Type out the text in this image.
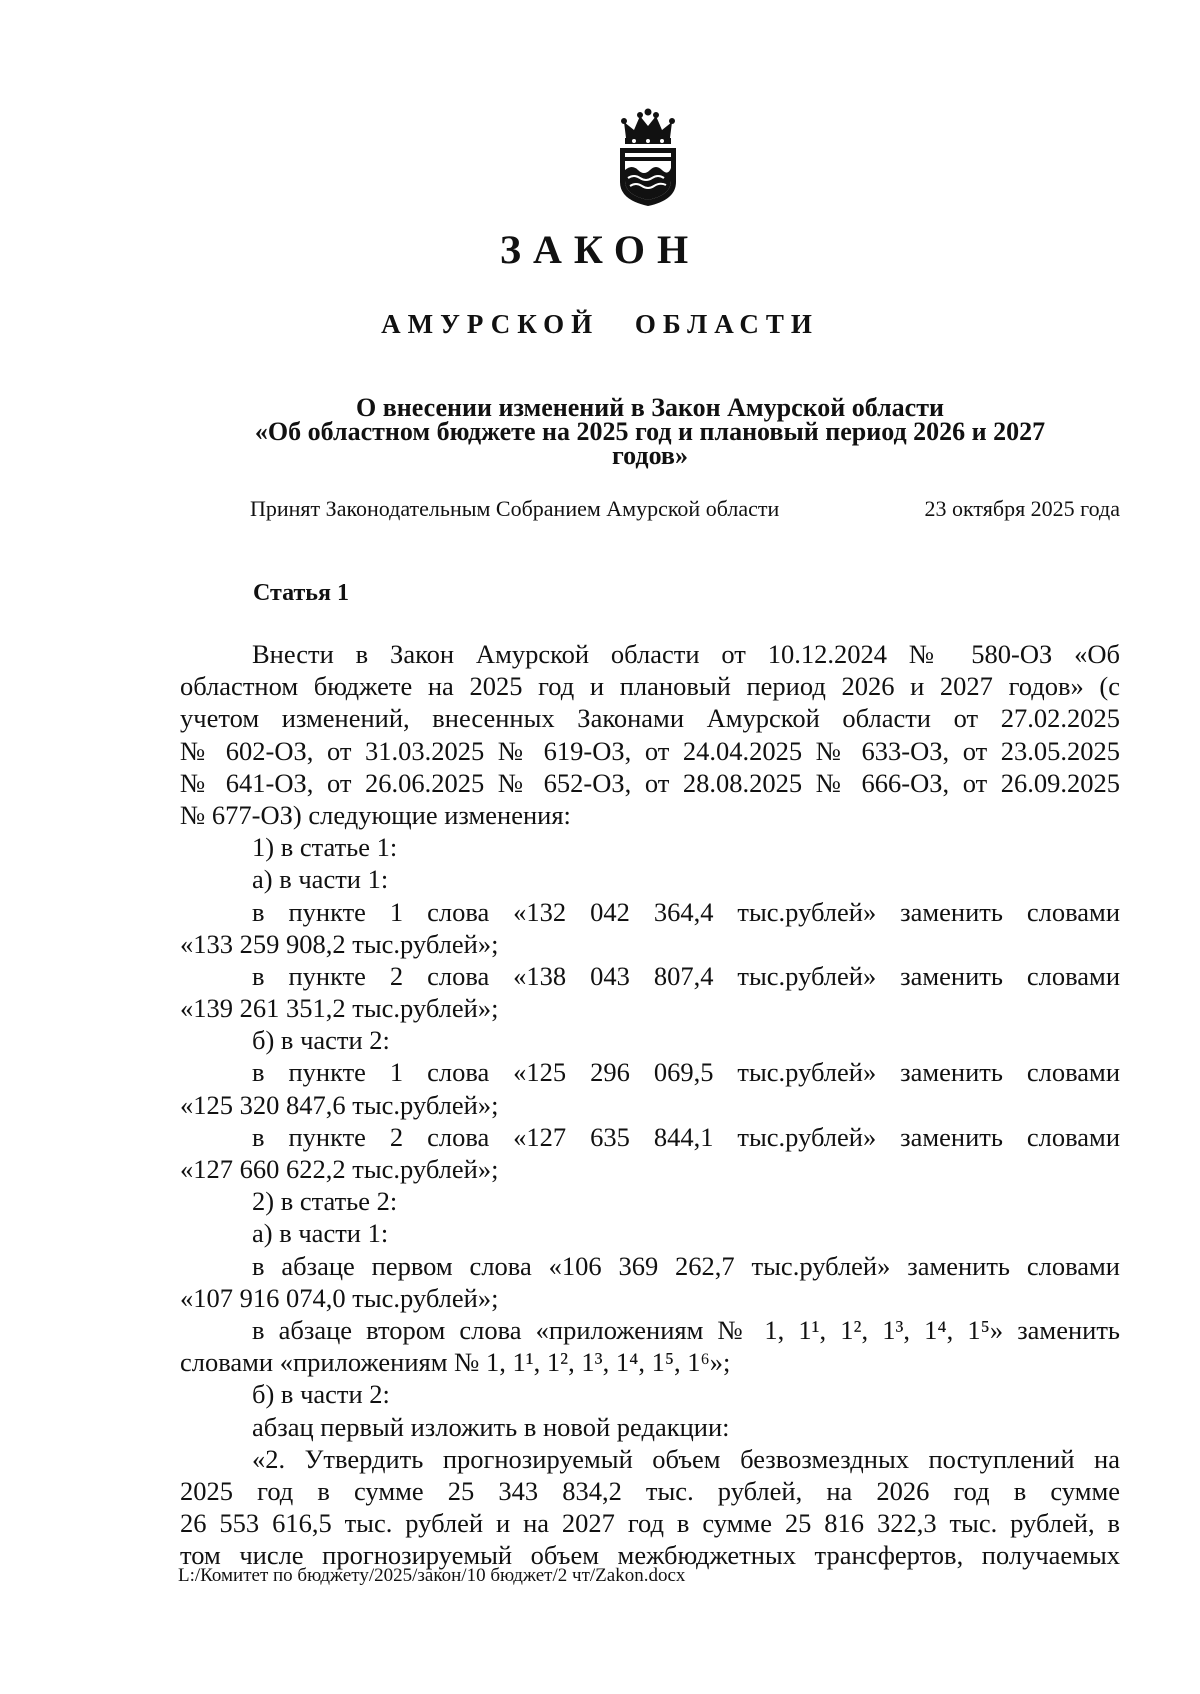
ЗАКОН
АМУРСКОЙ ОБЛАСТИ
О внесении изменений в Закон Амурской области
«Об областном бюджете на 2025 год и плановый период 2026 и 2027
годов»
Принят Законодательным Собранием Амурской области	23 октября 2025 года
Статья 1
Внести в Закон Амурской области от 10.12.2024 № 580-ОЗ «Об
областном бюджете на 2025 год и плановый период 2026 и 2027 годов» (с
учетом изменений, внесенных Законами Амурской области от 27.02.2025
№ 602-ОЗ, от 31.03.2025 № 619-ОЗ, от 24.04.2025 № 633-ОЗ, от 23.05.2025
№ 641-ОЗ, от 26.06.2025 № 652-ОЗ, от 28.08.2025 № 666-ОЗ, от 26.09.2025
№ 677-ОЗ) следующие изменения:
1) в статье 1:
а) в части 1:
в пункте 1 слова «132 042 364,4 тыс.рублей» заменить словами
«133 259 908,2 тыс.рублей»;
в пункте 2 слова «138 043 807,4 тыс.рублей» заменить словами
«139 261 351,2 тыс.рублей»;
б) в части 2:
в пункте 1 слова «125 296 069,5 тыс.рублей» заменить словами
«125 320 847,6 тыс.рублей»;
в пункте 2 слова «127 635 844,1 тыс.рублей» заменить словами
«127 660 622,2 тыс.рублей»;
2) в статье 2:
а) в части 1:
в абзаце первом слова «106 369 262,7 тыс.рублей» заменить словами
«107 916 074,0 тыс.рублей»;
в абзаце втором слова «приложениям № 1, 1¹, 1², 1³, 1⁴, 1⁵» заменить
словами «приложениям № 1, 1¹, 1², 1³, 1⁴, 1⁵, 1⁶»;
б) в части 2:
абзац первый изложить в новой редакции:
«2. Утвердить прогнозируемый объем безвозмездных поступлений на
2025 год в сумме 25 343 834,2 тыс. рублей, на 2026 год в сумме
26 553 616,5 тыс. рублей и на 2027 год в сумме 25 816 322,3 тыс. рублей, в
том числе прогнозируемый объем межбюджетных трансфертов, получаемых
L:/Комитет по бюджету/2025/закон/10 бюджет/2 чт/Zakon.docx
